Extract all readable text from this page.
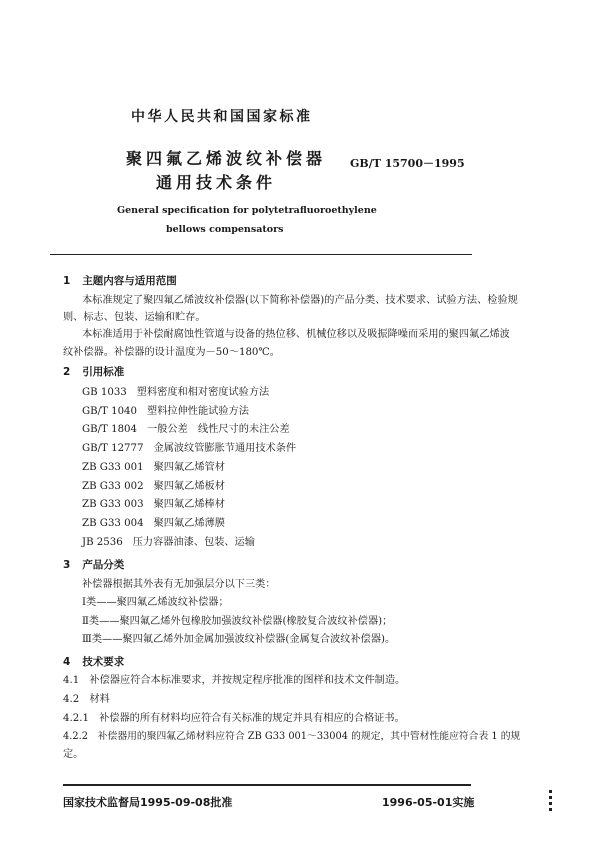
中华人民共和国国家标准
聚四氟乙烯波纹补偿器
通用技术条件
GB/T 15700－1995
General specification for polytetrafluoroethylene
bellows compensators
1 主题内容与适用范围
本标准规定了聚四氟乙烯波纹补偿器(以下简称补偿器)的产品分类、技术要求、试验方法、检验规
则、标志、包装、运输和贮存。
本标准适用于补偿耐腐蚀性管道与设备的热位移、机械位移以及吸振降噪而采用的聚四氟乙烯波
纹补偿器。补偿器的设计温度为－50～180℃。
2 引用标准
GB 1033 塑料密度和相对密度试验方法
GB/T 1040 塑料拉伸性能试验方法
GB/T 1804 一般公差　线性尺寸的未注公差
GB/T 12777 金属波纹管膨胀节通用技术条件
ZB G33 001 聚四氟乙烯管材
ZB G33 002 聚四氟乙烯板材
ZB G33 003 聚四氟乙烯棒材
ZB G33 004 聚四氟乙烯薄膜
JB 2536 压力容器油漆、包装、运输
3 产品分类
补偿器根据其外表有无加强层分以下三类：
Ⅰ类——聚四氟乙烯波纹补偿器；
Ⅱ类——聚四氟乙烯外包橡胶加强波纹补偿器(橡胶复合波纹补偿器)；
Ⅲ类——聚四氟乙烯外加金属加强波纹补偿器(金属复合波纹补偿器)。
4 技术要求
4.1　补偿器应符合本标准要求，并按规定程序批准的图样和技术文件制造。
4.2　材料
4.2.1　补偿器的所有材料均应符合有关标准的规定并具有相应的合格证书。
4.2.2　补偿器用的聚四氟乙烯材料应符合 ZB G33 001～33004 的规定，其中管材性能应符合表 1 的规
定。
国家技术监督局1995-09-08批准	1996-05-01实施
